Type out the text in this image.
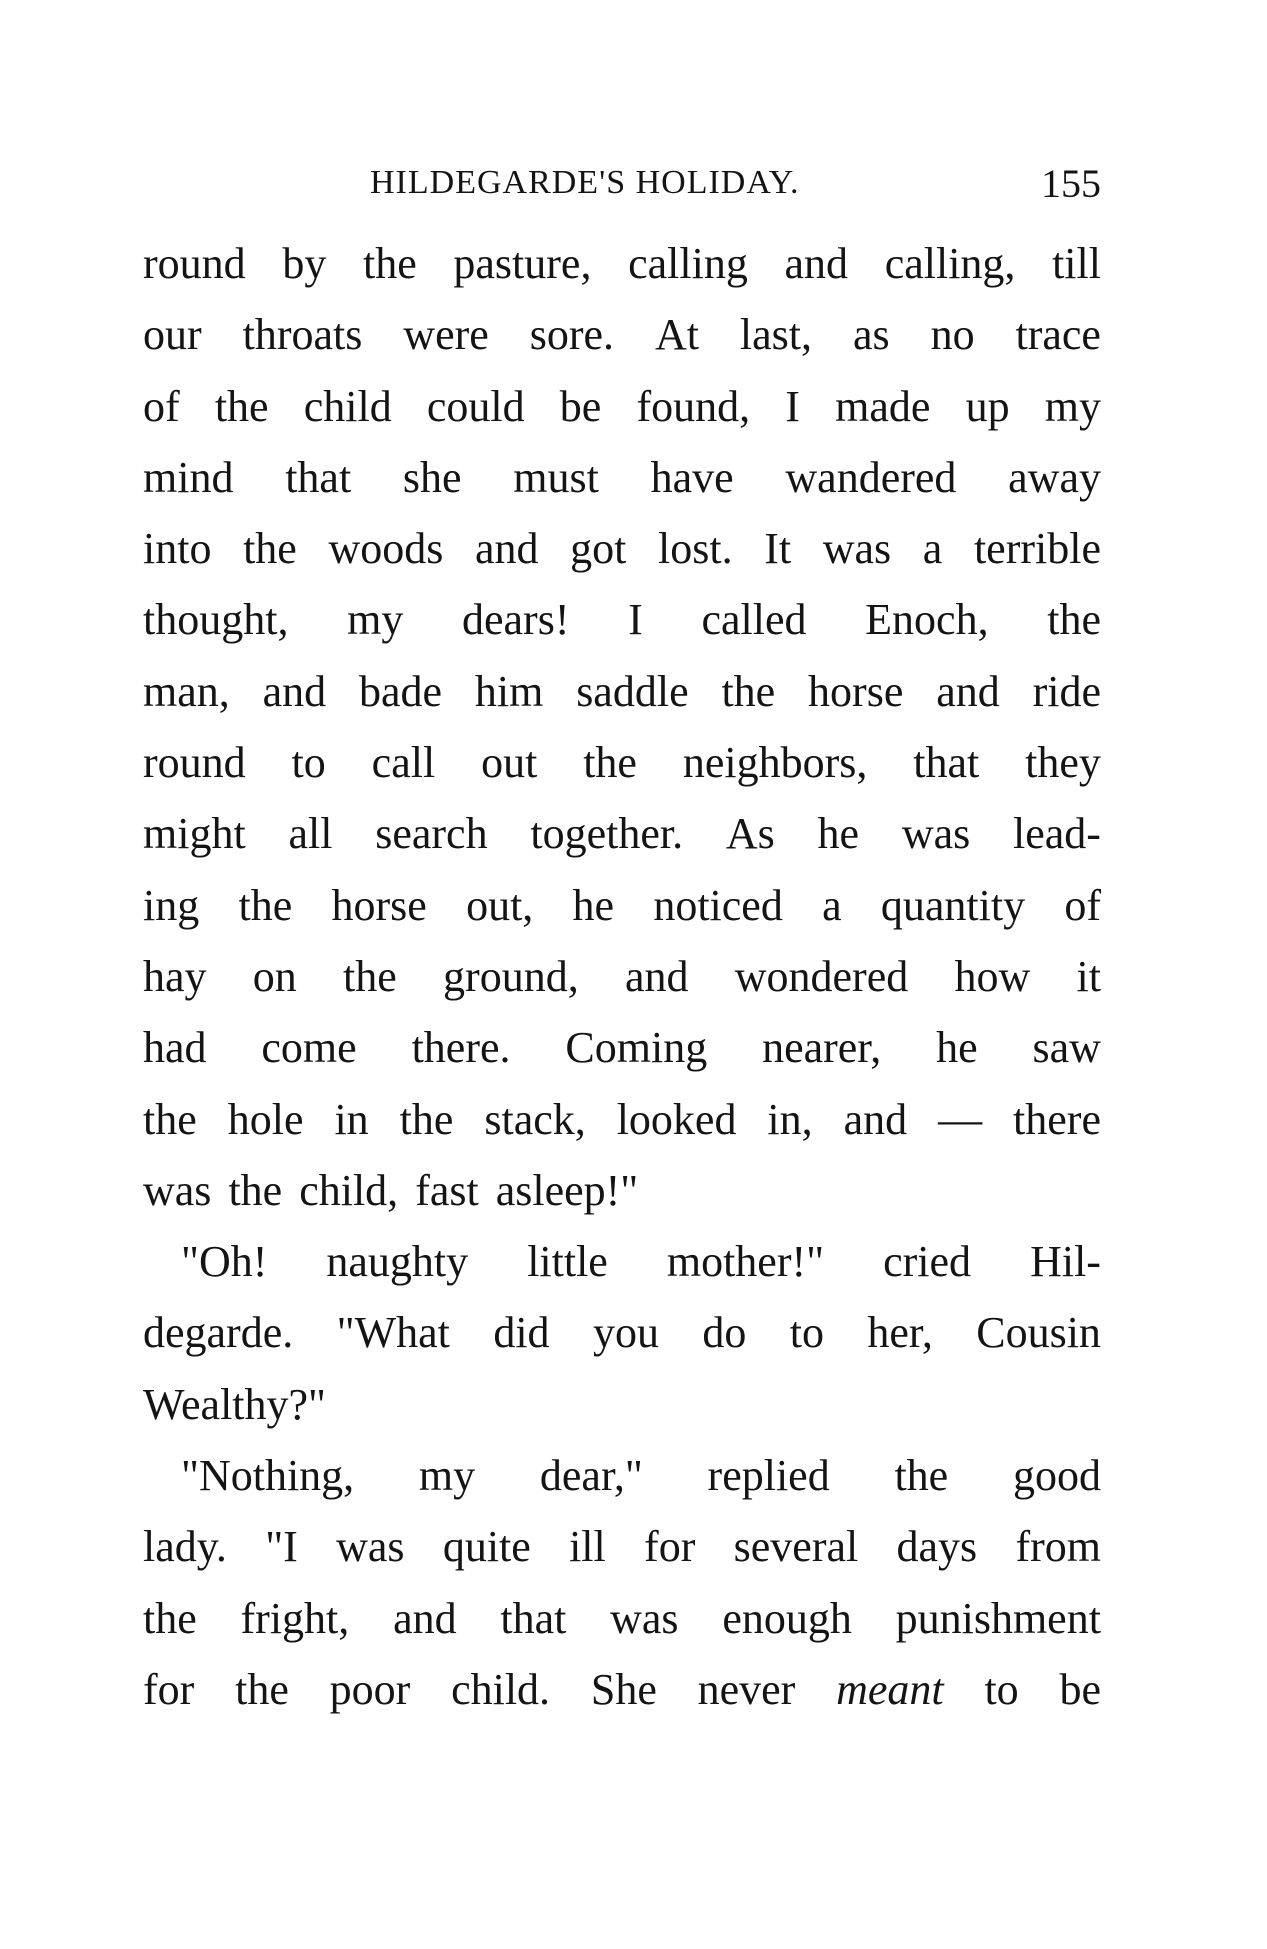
HILDEGARDE'S HOLIDAY.	155
round by the pasture, calling and calling, till
our throats were sore. At last, as no trace
of the child could be found, I made up my
mind that she must have wandered away
into the woods and got lost. It was a terrible
thought, my dears! I called Enoch, the
man, and bade him saddle the horse and ride
round to call out the neighbors, that they
might all search together. As he was lead-
ing the horse out, he noticed a quantity of
hay on the ground, and wondered how it
had come there. Coming nearer, he saw
the hole in the stack, looked in, and — there
was the child, fast asleep!"
"Oh! naughty little mother!" cried Hil-
degarde. "What did you do to her, Cousin
Wealthy?"
"Nothing, my dear," replied the good
lady. "I was quite ill for several days from
the fright, and that was enough punishment
for the poor child. She never meant to be
